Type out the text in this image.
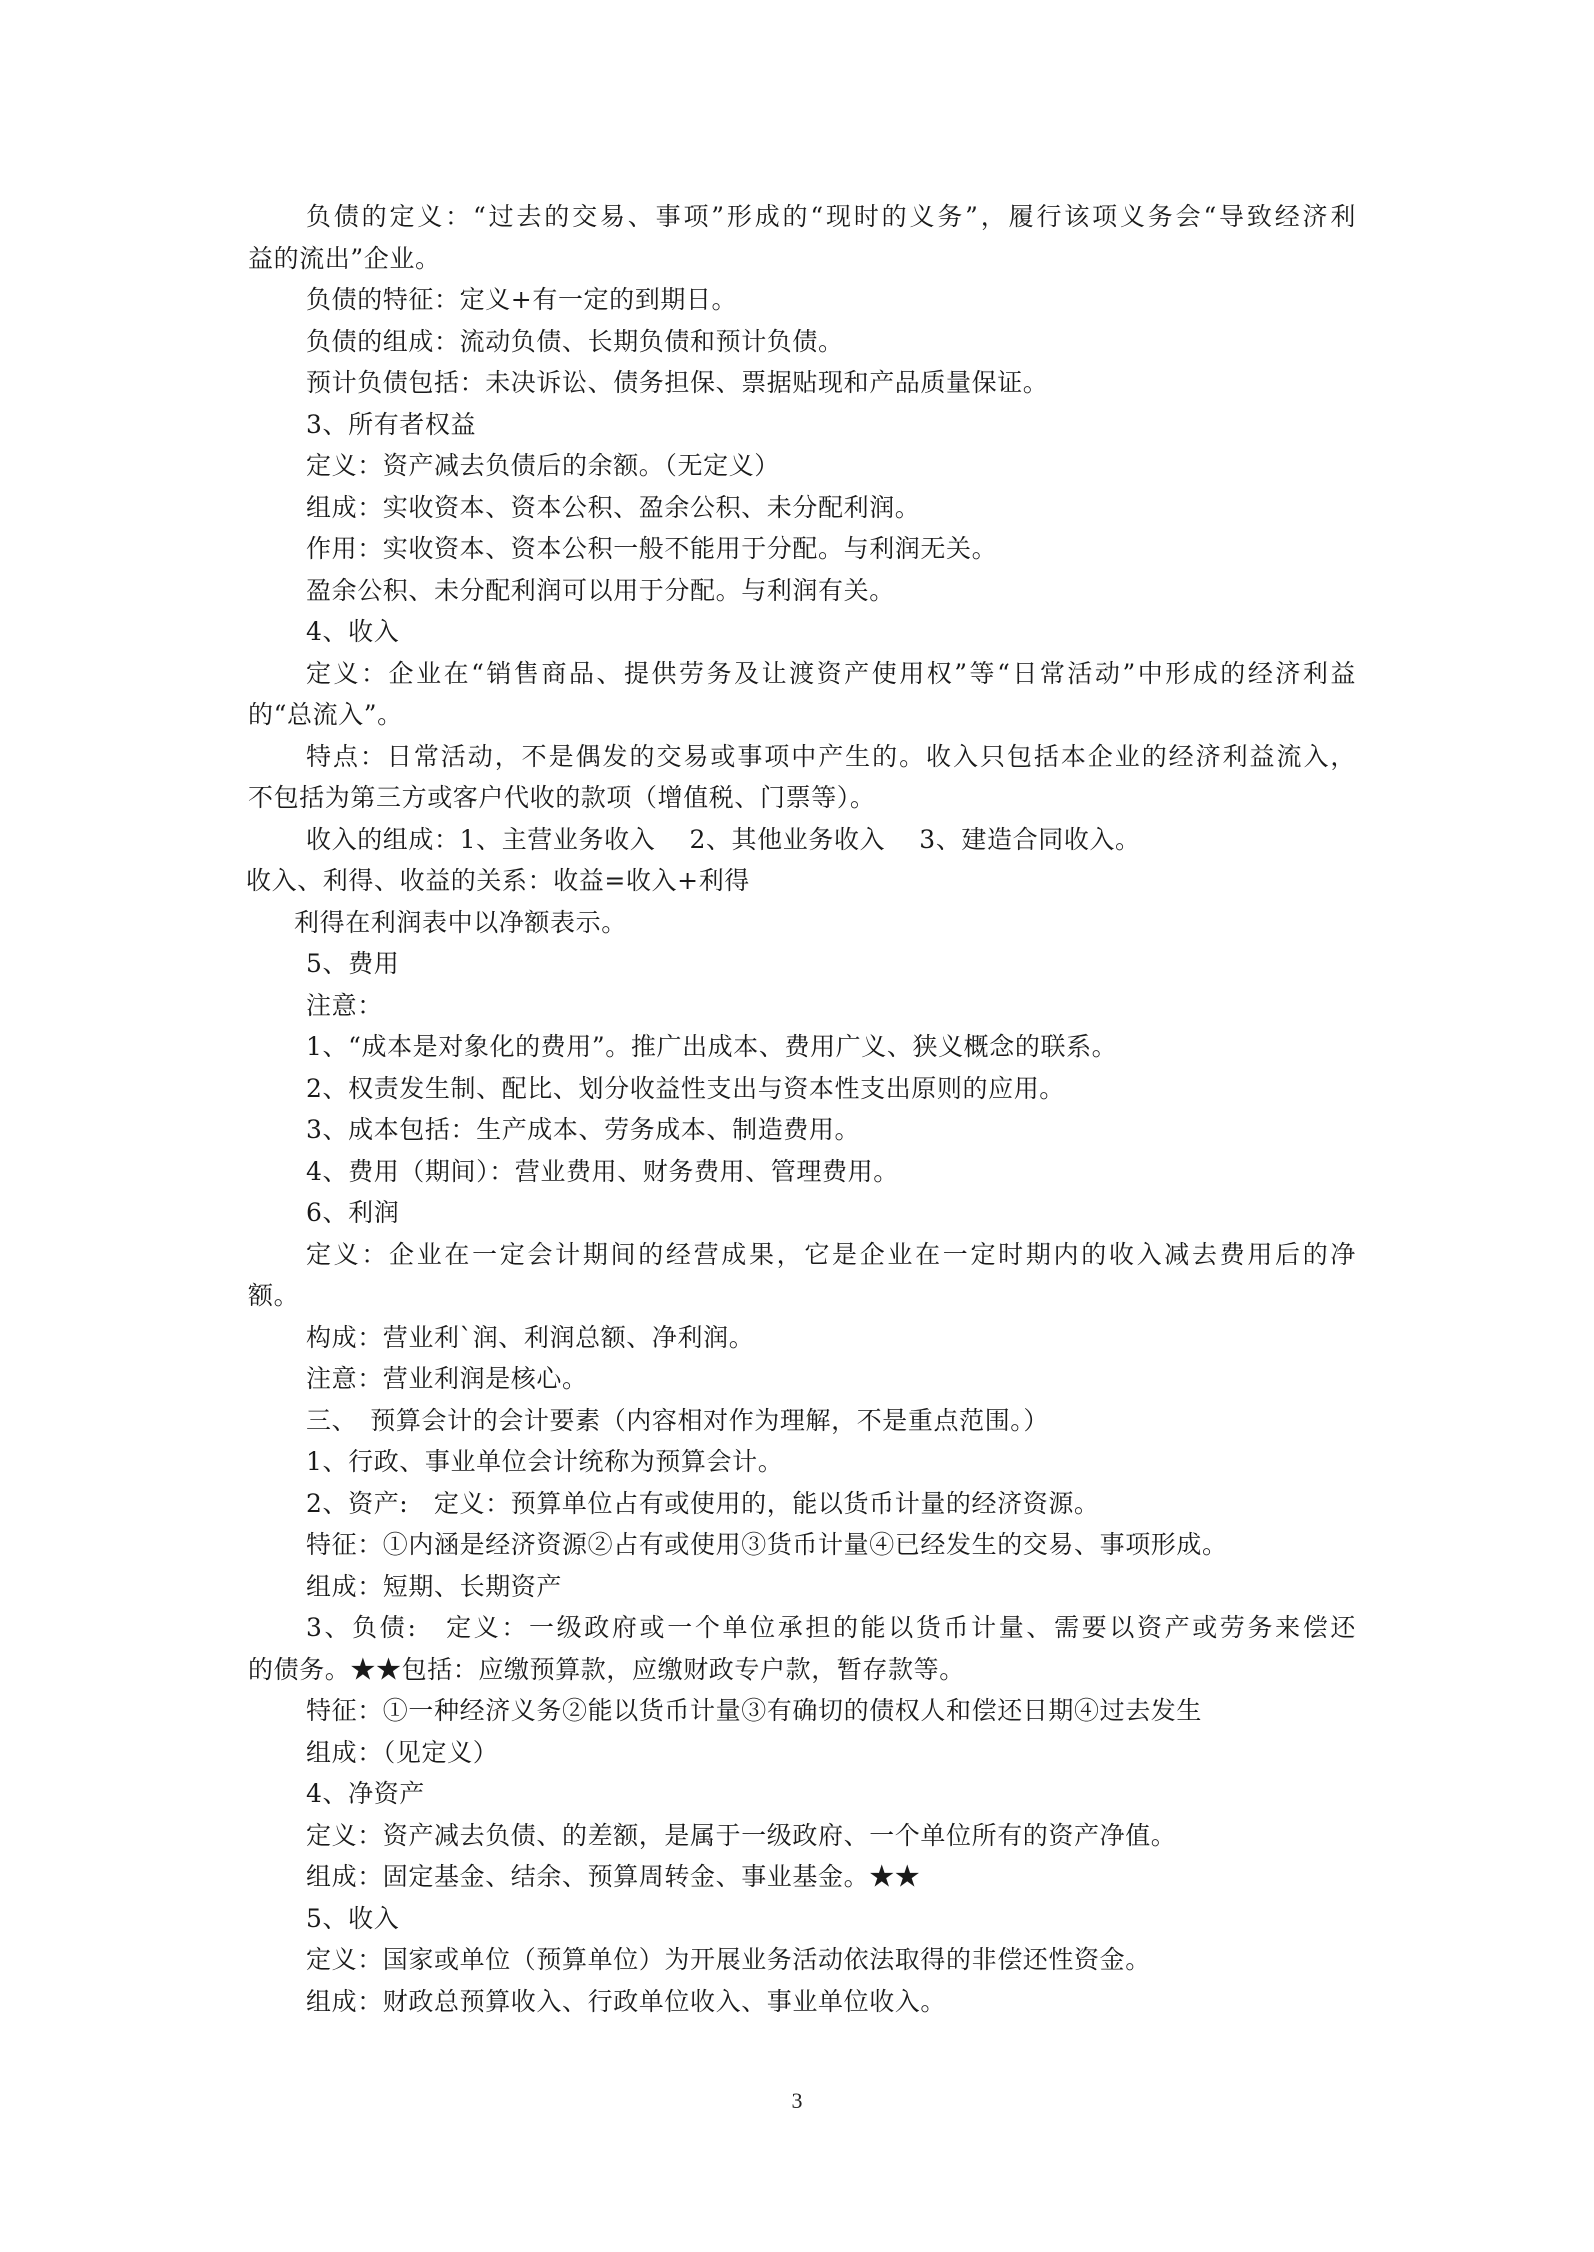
负债的定义：“过去的交易、事项”形成的“现时的义务”，履行该项义务会“导致经济利
益的流出”企业。
负债的特征：定义+有一定的到期日。
负债的组成：流动负债、长期负债和预计负债。
预计负债包括：未决诉讼、债务担保、票据贴现和产品质量保证。
3、所有者权益
定义：资产减去负债后的余额。（无定义）
组成：实收资本、资本公积、盈余公积、未分配利润。
作用：实收资本、资本公积一般不能用于分配。与利润无关。
盈余公积、未分配利润可以用于分配。与利润有关。
4、收入
定义：企业在“销售商品、提供劳务及让渡资产使用权”等“日常活动”中形成的经济利益
的“总流入”。
特点：日常活动，不是偶发的交易或事项中产生的。收入只包括本企业的经济利益流入，
不包括为第三方或客户代收的款项（增值税、门票等）。
收入的组成：1、主营业务收入　 2、其他业务收入　 3、建造合同收入。
收入、利得、收益的关系：收益=收入+利得
利得在利润表中以净额表示。
5、费用
注意：
1、“成本是对象化的费用”。推广出成本、费用广义、狭义概念的联系。
2、权责发生制、配比、划分收益性支出与资本性支出原则的应用。
3、成本包括：生产成本、劳务成本、制造费用。
4、费用（期间）：营业费用、财务费用、管理费用。
6、利润
定义：企业在一定会计期间的经营成果，它是企业在一定时期内的收入减去费用后的净
额。
构成：营业利`润、利润总额、净利润。
注意：营业利润是核心。
三、　预算会计的会计要素（内容相对作为理解，不是重点范围。）
1、行政、事业单位会计统称为预算会计。
2、资产:　定义：预算单位占有或使用的，能以货币计量的经济资源。
特征：①内涵是经济资源②占有或使用③货币计量④已经发生的交易、事项形成。
组成：短期、长期资产
3、负债:　定义：一级政府或一个单位承担的能以货币计量、需要以资产或劳务来偿还
的债务。★★包括：应缴预算款，应缴财政专户款，暂存款等。
特征：①一种经济义务②能以货币计量③有确切的债权人和偿还日期④过去发生
组成：（见定义）
4、净资产
定义：资产减去负债、的差额，是属于一级政府、一个单位所有的资产净值。
组成：固定基金、结余、预算周转金、事业基金。★★
5、收入
定义：国家或单位（预算单位）为开展业务活动依法取得的非偿还性资金。
组成：财政总预算收入、行政单位收入、事业单位收入。
3
